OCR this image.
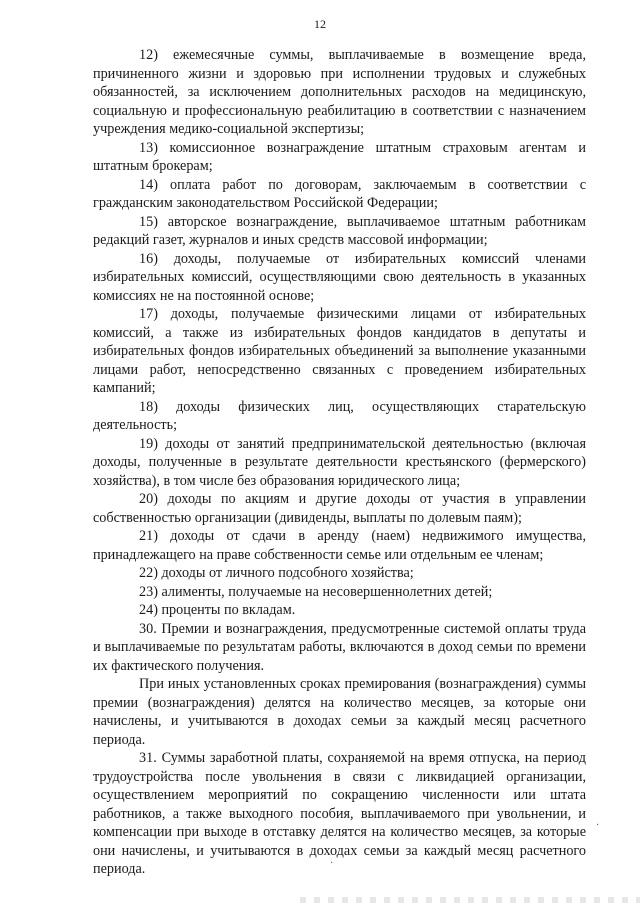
12

12) ежемесячные суммы, выплачиваемые в возмещение вреда, причиненного жизни и здоровью при исполнении трудовых и служебных обязанностей, за исключением дополнительных расходов на медицинскую, социальную и профессиональную реабилитацию в соответствии с назначением учреждения медико-социальной экспертизы;

13) комиссионное вознаграждение штатным страховым агентам и штатным брокерам;

14) оплата работ по договорам, заключаемым в соответствии с гражданским законодательством Российской Федерации;

15) авторское вознаграждение, выплачиваемое штатным работникам редакций газет, журналов и иных средств массовой информации;

16) доходы, получаемые от избирательных комиссий членами избирательных комиссий, осуществляющими свою деятельность в указанных комиссиях не на постоянной основе;

17) доходы, получаемые физическими лицами от избирательных комиссий, а также из избирательных фондов кандидатов в депутаты и избирательных фондов избирательных объединений за выполнение указанными лицами работ, непосредственно связанных с проведением избирательных кампаний;

18) доходы физических лиц, осуществляющих старательскую деятельность;

19) доходы от занятий предпринимательской деятельностью (включая доходы, полученные в результате деятельности крестьянского (фермерского) хозяйства), в том числе без образования юридического лица;

20) доходы по акциям и другие доходы от участия в управлении собственностью организации (дивиденды, выплаты по долевым паям);

21) доходы от сдачи в аренду (наем) недвижимого имущества, принадлежащего на праве собственности семье или отдельным ее членам;

22) доходы от личного подсобного хозяйства;

23) алименты, получаемые на несовершеннолетних детей;

24) проценты по вкладам.

30. Премии и вознаграждения, предусмотренные системой оплаты труда и выплачиваемые по результатам работы, включаются в доход семьи по времени их фактического получения.

При иных установленных сроках премирования (вознаграждения) суммы премии (вознаграждения) делятся на количество месяцев, за которые они начислены, и учитываются в доходах семьи за каждый месяц расчетного периода.

31. Суммы заработной платы, сохраняемой на время отпуска, на период трудоустройства после увольнения в связи с ликвидацией организации, осуществлением мероприятий по сокращению численности или штата работников, а также выходного пособия, выплачиваемого при увольнении, и компенсации при выходе в отставку делятся на количество месяцев, за которые они начислены, и учитываются в доходах семьи за каждый месяц расчетного периода.

·
·
